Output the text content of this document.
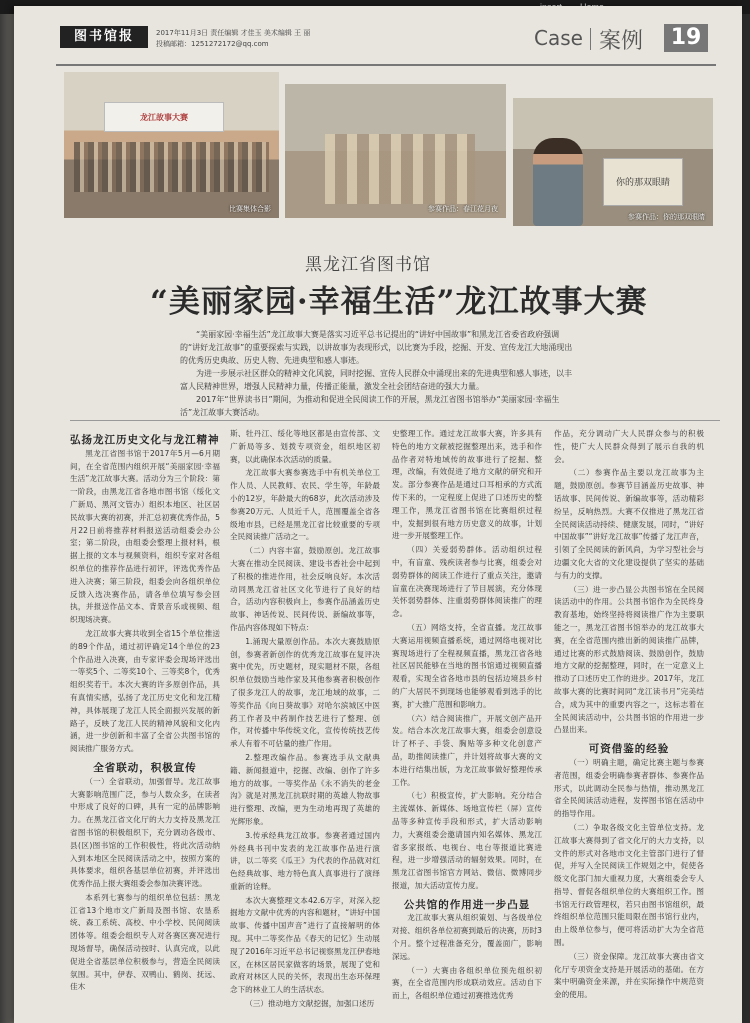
图书馆报	2017年11月3日 责任编辑 才佳玉 美术编辑 王 丽
投稿邮箱：1251272172@qq.com	Case 案例	19
龙江故事大赛
比赛集体合影	参赛作品：春江花月夜
你的那双眼睛
参赛作品：你的那双眼睛
黑龙江省图书馆
“美丽家园·幸福生活”龙江故事大赛

“美丽家园·幸福生活”龙江故事大赛是落实习近平总书记提出的“讲好中国故事”和黑龙江省委省政府强调的“讲好龙江故事”的重要探索与实践，以讲故事为表现形式，以比赛为手段，挖掘、开发、宣传龙江大地涌现出的优秀历史典故、历史人物、先进典型和感人事迹。

为进一步展示社区群众的精神文化风貌，同时挖掘、宣传人民群众中涌现出来的先进典型和感人事迹，以丰富人民精神世界，增强人民精神力量，传播正能量，激发全社会团结奋进的强大力量。

2017年“世界读书日”期间，为推动和促进全民阅读工作的开展，黑龙江省图书馆举办“美丽家园·幸福生活”龙江故事大赛活动。

弘扬龙江历史文化与龙江精神

黑龙江省图书馆于2017年5月—6月期间，在全省范围内组织开展“美丽家园·幸福生活”龙江故事大赛。活动分为三个阶段：第一阶段，由黑龙江省各地市图书馆（绥化文广新局、黑河文管办）组织本地区、社区居民故事大赛的初赛，并汇总初赛优秀作品，5月22日前将推荐材料报送活动组委会办公室；第二阶段，由组委会整理上报材料，根据上报的文本与视频资料，组织专家对各组织单位的推荐作品进行初评，评选优秀作品进入决赛；第三阶段，组委会向各组织单位反馈入选决赛作品，请各单位填写参会回执，并报送作品文本、背景音乐或视频、组织现场决赛。

龙江故事大赛共收到全省15个单位推送的89个作品，通过初评确定14个单位的23个作品进入决赛，由专家评委会现场评选出一等奖5个、二等奖10个、三等奖8个，优秀组织奖若干。本次大赛的许多原创作品，具有真情实感，弘扬了龙江历史文化和龙江精神，具体展现了龙江人民全面振兴发展的新路子，反映了龙江人民的精神风貌和文化内涵，进一步创新和丰富了全省公共图书馆的阅读推广服务方式。

全省联动，积极宣传

（一）全省联动，加强督导。龙江故事大赛影响范围广泛，参与人数众多，在读者中形成了良好的口碑，具有一定的品牌影响力。在黑龙江省文化厅的大力支持及黑龙江省图书馆的积极组织下，充分调动各级市、县(区)图书馆的工作积极性，将此次活动纳入到本地区全民阅读活动之中，按照方案的具体要求，组织各基层单位初赛，并评选出优秀作品上报大赛组委会参加决赛评选。

本系列七赛参与的组织单位包括：黑龙江省13个地市文广新局及图书馆、农垦系统、森工系统、高校、中小学校、民间阅读团体等。组委会组织专人对各赛区赛况进行现场督导，确保活动按时、认真完成，以此促进全省基层单位积极参与，营造全民阅读氛围。其中，伊春、双鸭山、鹤岗、抚远、佳木

斯、牡丹江、绥化等地区都是由宣传部、文广新局等多、划拨专项资金，组织地区初赛，以此确保本次活动的质量。

龙江故事大赛参赛选手中有机关单位工作人员、人民教师、农民、学生等，年龄最小的12岁，年龄最大的68岁，此次活动涉及参赛20万元、人员近千人，范围覆盖全省各级地市县，已经是黑龙江省比较重要的专项全民阅读推广活动之一。

（二）内容丰富，鼓励原创。龙江故事大赛在推动全民阅读、建设书香社会中起到了积极的推进作用，社会反响良好。本次活动同黑龙江省社区文化节进行了良好的结合，活动内容积极向上，参赛作品涵盖历史故事、神话传说、民间传说、新编故事等，作品内容体现如下特点：

1.涌现大量原创作品。本次大赛鼓励原创，参赛者新创作的优秀龙江故事在复评决赛中优先，历史题材，现实题材不限，各组织单位鼓励当地作家及其他参赛者积极创作了很多龙江人的故事，龙江地域的故事，二等奖作品《向日葵故事》对哈尔滨城区中医药工作者及中药制作技艺进行了整理、创作，对传播中华传统文化，宣传传统技艺传承人有着不可估量的推广作用。

2.整理改编作品。参赛选手从文献典籍、新闻报道中，挖掘、改编、创作了许多地方的故事。一等奖作品《永不消失的老金沟》就是对黑龙江抗联时期的英雄人物故事进行整理、改编，更为生动地再现了英雄的光辉形象。

3.传承经典龙江故事。参赛者通过国内外经典书刊中发表的龙江故事作品进行演讲，以二等奖《瓜王》为代表的作品就对红色经典故事、地方特色真人真事进行了演绎重新的诠释。

本次大赛整理文本42.6万字，对深入挖掘地方文献中优秀的内容和题材，“讲好中国故事、传播中国声音”进行了直接解明的体现。其中二等奖作品《春天的记忆》生动展现了2016年习近平总书记视察黑龙江伊春地区，在林区居民家做客的场景，展现了党和政府对林区人民的关怀，表现出生态环保理念下的林业工人的生活状态。

（三）推动地方文献挖掘，加强口述历

史整理工作。通过龙江故事大赛，许多具有特色的地方文献被挖掘整理出来，选手和作品作者对特地域传的故事进行了挖掘、整理，改编，有效促进了地方文献的研究和开发。部分参赛作品是通过口耳相承的方式流传下来的，一定程度上促进了口述历史的整理工作，黑龙江省图书馆在比赛组织过程中，发掘到很有地方历史意义的故事，计划进一步开展整理工作。

（四）关爱弱势群体。活动组织过程中，有盲童、残疾读者参与比赛，组委会对弱势群体的阅读工作进行了重点关注，邀请盲童在决赛现场进行了节目展演，充分体现关怀弱势群体、注重弱势群体阅读推广的理念。

（五）网络支持，全省直播。龙江故事大赛运用视频直播系统，通过网络电视对比赛现场进行了全程视频直播，黑龙江省各地社区居民能够在当地的图书馆通过视频直播观看，实现全省各地市县的包括边境县乡村的广大居民不到现场也能够观看到选手的比赛，扩大推广范围和影响力。

（六）结合阅读推广，开展文创产品开发。结合本次龙江故事大赛，组委会创意设计了杯子、手袋、胸贴等多种文化创意产品，助推阅读推广，并计划将故事大赛的文本进行结集出版，为龙江故事做好整理传承工作。

（七）积极宣传，扩大影响。充分结合主流媒体、新媒体、场地宣传栏（屏）宣传品等多种宣传手段和形式，扩大活动影响力，大赛组委会邀请国内知名媒体、黑龙江省多家报纸、电视台、电台等报道比赛进程，进一步增强活动的辐射效果。同时，在黑龙江省图书馆官方网站、微信、微博同步报道，加大活动宣传力度。

公共馆的作用进一步凸显

龙江故事大赛从组织策划、与各级单位对接、组织各单位初赛到最后的决赛，历时3个月。整个过程准备充分，覆盖面广，影响深远。

（一）大赛由各组织单位预先组织初赛，在全省范围内形成联动效应。活动自下而上，各组织单位通过初赛推选优秀

作品，充分调动广大人民群众参与的积极性，使广大人民群众得到了展示自我的机会。

（二）参赛作品主要以龙江故事为主题，鼓励原创。参赛节目涵盖历史故事、神话故事、民间传说、新编故事等，活动精彩纷呈，反响热烈。大赛不仅推进了黑龙江省全民阅读活动持续、健康发展，同时，“讲好中国故事”“讲好龙江故事”传播了龙江声音，引领了全民阅读的新风尚，为学习型社会与边疆文化大省的文化建设提供了坚实的基础与有力的支撑。

（三）进一步凸显公共图书馆在全民阅读活动中的作用。公共图书馆作为全民终身教育基地，始终坚持将阅读推广作为主要职能之一，黑龙江省图书馆举办的龙江故事大赛，在全省范围内推出新的阅读推广品牌，通过比赛的形式鼓励阅读、鼓励创作，鼓励地方文献的挖掘整理，同时，在一定意义上推动了口述历史工作的进步。2017年，龙江故事大赛的比赛时间同“龙江读书月”完美结合，成为其中的重要内容之一，这标志着在全民阅读活动中，公共图书馆的作用进一步凸显出来。

可资借鉴的经验

（一）明确主题，确定比赛主题与参赛者范围，组委会明确参赛者群体、参赛作品形式，以此调动全民参与热情，推动黑龙江省全民阅读活动进程，发挥图书馆在活动中的指导作用。

（二）争取各级文化主管单位支持。龙江故事大赛得到了省文化厅的大力支持，以文件的形式对各地市文化主管部门进行了督促，并写入全民阅读工作规划之中，促使各级文化部门加大重视力度，大赛组委会专人指导、督促各组织单位的大赛组织工作。图书馆无行政管理权，若只由图书馆组织，最终组织单位范围只能局限在图书馆行业内，由上级单位参与，便可将活动扩大为全省范围。

（三）资金保障。龙江故事大赛由省文化厅专项资金支持是开展活动的基础。在方案中明确资金来源，并在实际操作中规范资金的使用。
